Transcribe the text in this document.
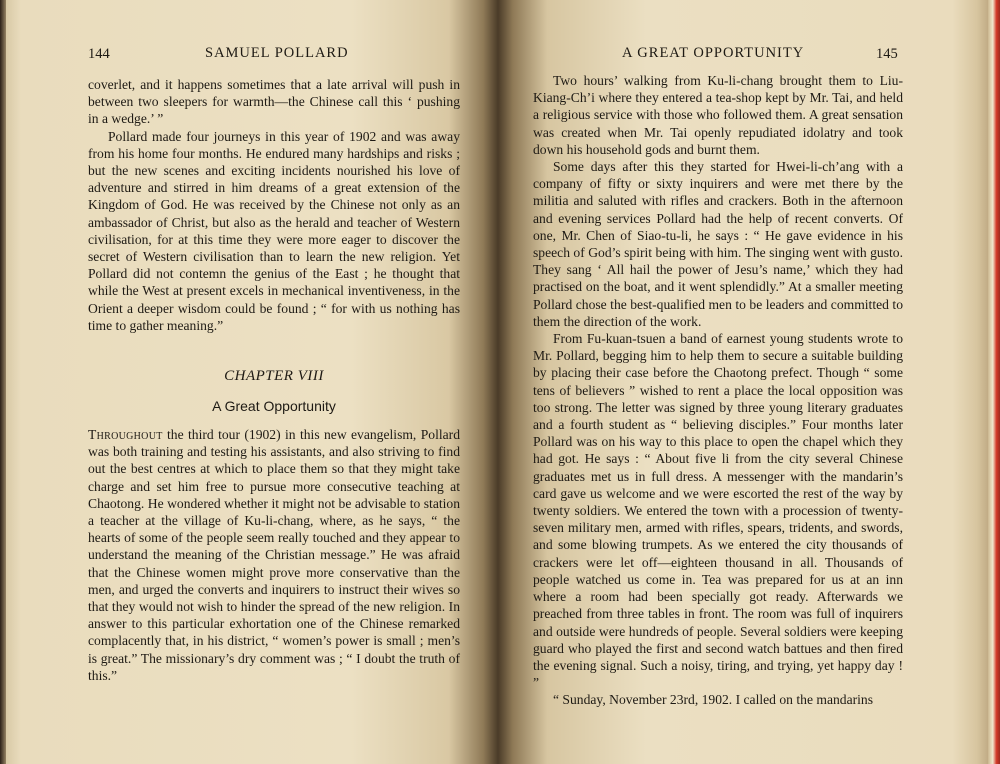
144	SAMUEL POLLARD

coverlet, and it happens sometimes that a late arrival will push in between two sleepers for warmth—the Chinese call this ‘ pushing in a wedge.’ ”

Pollard made four journeys in this year of 1902 and was away from his home four months. He endured many hardships and risks ; but the new scenes and exciting incidents nourished his love of adventure and stirred in him dreams of a great extension of the Kingdom of God. He was received by the Chinese not only as an ambassador of Christ, but also as the herald and teacher of Western civilisation, for at this time they were more eager to discover the secret of Western civilisation than to learn the new religion. Yet Pollard did not contemn the genius of the East ; he thought that while the West at present excels in mechanical inventiveness, in the Orient a deeper wisdom could be found ; “ for with us nothing has time to gather meaning.”

CHAPTER VIII
A Great Opportunity

Throughout the third tour (1902) in this new evangelism, Pollard was both training and testing his assistants, and also striving to find out the best centres at which to place them so that they might take charge and set him free to pursue more consecutive teaching at Chaotong. He wondered whether it might not be advisable to station a teacher at the village of Ku-li-chang, where, as he says, “ the hearts of some of the people seem really touched and they appear to understand the meaning of the Christian message.” He was afraid that the Chinese women might prove more conservative than the men, and urged the converts and inquirers to instruct their wives so that they would not wish to hinder the spread of the new religion. In answer to this particular exhortation one of the Chinese remarked complacently that, in his district, “ women’s power is small ; men’s is great.” The missionary’s dry comment was ; “ I doubt the truth of this.”

A GREAT OPPORTUNITY	145

Two hours’ walking from Ku-li-chang brought them to Liu-Kiang-Ch’i where they entered a tea-shop kept by Mr. Tai, and held a religious service with those who followed them. A great sensation was created when Mr. Tai openly repudiated idolatry and took down his household gods and burnt them.

Some days after this they started for Hwei-li-ch’ang with a company of fifty or sixty inquirers and were met there by the militia and saluted with rifles and crackers. Both in the afternoon and evening services Pollard had the help of recent converts. Of one, Mr. Chen of Siao-tu-li, he says : “ He gave evidence in his speech of God’s spirit being with him. The singing went with gusto. They sang ‘ All hail the power of Jesu’s name,’ which they had practised on the boat, and it went splendidly.” At a smaller meeting Pollard chose the best-qualified men to be leaders and committed to them the direction of the work.

From Fu-kuan-tsuen a band of earnest young students wrote to Mr. Pollard, begging him to help them to secure a suitable building by placing their case before the Chaotong prefect. Though “ some tens of believers ” wished to rent a place the local opposition was too strong. The letter was signed by three young literary graduates and a fourth student as “ believing disciples.” Four months later Pollard was on his way to this place to open the chapel which they had got. He says : “ About five li from the city several Chinese graduates met us in full dress. A messenger with the mandarin’s card gave us welcome and we were escorted the rest of the way by twenty soldiers. We entered the town with a procession of twenty-seven military men, armed with rifles, spears, tridents, and swords, and some blowing trumpets. As we entered the city thousands of crackers were let off—eighteen thousand in all. Thousands of people watched us come in. Tea was prepared for us at an inn where a room had been specially got ready. Afterwards we preached from three tables in front. The room was full of inquirers and outside were hundreds of people. Several soldiers were keeping guard who played the first and second watch battues and then fired the evening signal. Such a noisy, tiring, and trying, yet happy day ! ”

“ Sunday, November 23rd, 1902. I called on the mandarins
